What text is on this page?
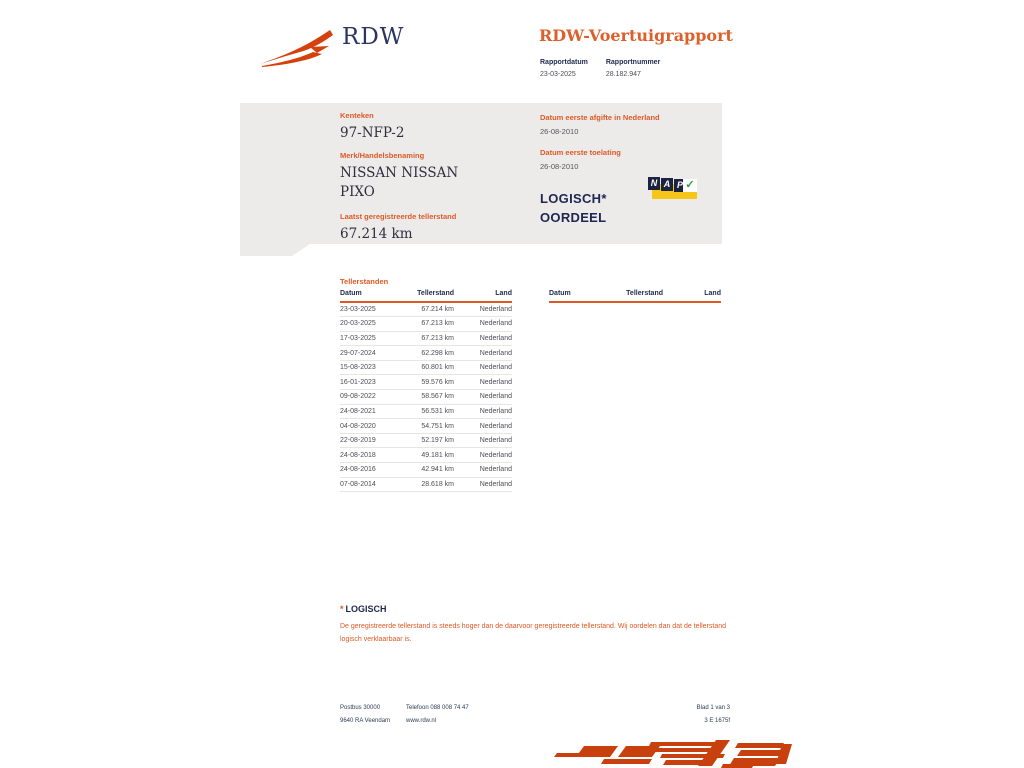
RDW	RDW-Voertuigrapport
Rapportdatum
23-03-2025
Rapportnummer
28.182.947
Kenteken
97-NFP-2
Merk/Handelsbenaming
NISSAN NISSAN PIXO
Laatst geregistreerde tellerstand
67.214 km
Datum eerste afgifte in Nederland
26-08-2010
Datum eerste toelating
26-08-2010
LOGISCH*
OORDEEL
N A P ✓
Tellerstanden
Datum	Tellerstand	Land
23-03-2025	67.214 km	Nederland
20-03-2025	67.213 km	Nederland
17-03-2025	67.213 km	Nederland
29-07-2024	62.298 km	Nederland
15-08-2023	60.801 km	Nederland
16-01-2023	59.576 km	Nederland
09-08-2022	58.567 km	Nederland
24-08-2021	56.531 km	Nederland
04-08-2020	54.751 km	Nederland
22-08-2019	52.197 km	Nederland
24-08-2018	49.181 km	Nederland
24-08-2016	42.941 km	Nederland
07-08-2014	28.618 km	Nederland
Datum	Tellerstand	Land
* LOGISCH
De geregistreerde tellerstand is steeds hoger dan de daarvoor geregistreerde tellerstand. Wij oordelen dan dat de tellerstand logisch verklaarbaar is.
Postbus 30000	Telefoon 088 008 74 47	Blad 1 van 3
9640 RA Veendam	www.rdw.nl	3 E 1675f
